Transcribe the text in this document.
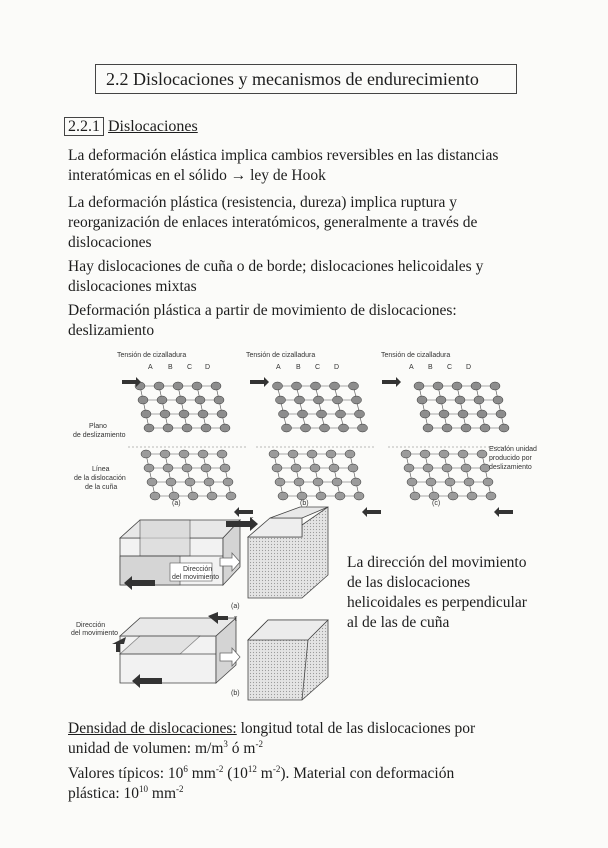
2.2 Dislocaciones y mecanismos de endurecimiento
2.2.1 Dislocaciones
La deformación elástica implica cambios reversibles en las distancias
interatómicas en el sólido → ley de Hook
La deformación plástica (resistencia, dureza) implica ruptura y
reorganización de enlaces interatómicos, generalmente a través de
dislocaciones
Hay dislocaciones de cuña o de borde; dislocaciones helicoidales y
dislocaciones mixtas
Deformación plástica a partir de movimiento de dislocaciones:
deslizamiento
Tensión de cizalladura	Tensión de cizalladura	Tensión de cizalladura
A B C D	A B C D	A B C D
Plano
de deslizamiento
Línea
de la dislocación
de la cuña
Escalón unidad
producido por
deslizamiento
(a)	(b)	(c)
Dirección
del movimiento
τ
(a)
Dirección
del movimiento
τ
(b)
La dirección del movimiento
de las dislocaciones
helicoidales es perpendicular
al de las de cuña
Densidad de dislocaciones: longitud total de las dislocaciones por
unidad de volumen: $m/m^3$ ó $m^{-2}$
Valores típicos: $10^6$ $mm^{-2}$ ($10^{12}$ $m^{-2}$). Material con deformación
plástica: $10^{10}$ $mm^{-2}$
